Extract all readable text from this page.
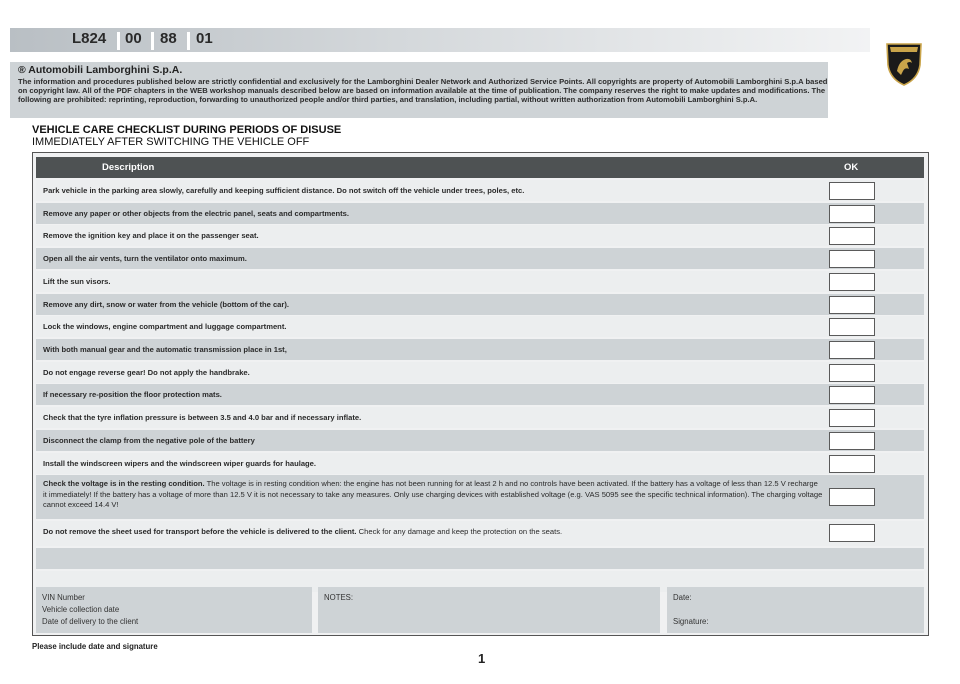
L824 00 88 01
® Automobili Lamborghini S.p.A.
The information and procedures published below are strictly confidential and exclusively for the Lamborghini Dealer Network and Authorized Service Points. All copyrights are property of Automobili Lamborghini S.p.A based on copyright law. All of the PDF chapters in the WEB workshop manuals described below are based on information available at the time of publication. The company reserves the right to make updates and modifications. The following are prohibited: reprinting, reproduction, forwarding to unauthorized people and/or third parties, and translation, including partial, without written authorization from Automobili Lamborghini S.p.A.
VEHICLE CARE CHECKLIST DURING PERIODS OF DISUSE
IMMEDIATELY AFTER SWITCHING THE VEHICLE OFF
Description	OK
Park vehicle in the parking area slowly, carefully and keeping sufficient distance. Do not switch off the vehicle under trees, poles, etc.
Remove any paper or other objects from the electric panel, seats and compartments.
Remove the ignition key and place it on the passenger seat.
Open all the air vents, turn the ventilator onto maximum.
Lift the sun visors.
Remove any dirt, snow or water from the vehicle (bottom of the car).
Lock the windows, engine compartment and luggage compartment.
With both manual gear and the automatic transmission place in 1st,
Do not engage reverse gear! Do not apply the handbrake.
If necessary re-position the floor protection mats.
Check that the tyre inflation pressure is between 3.5 and 4.0 bar and if necessary inflate.
Disconnect the clamp from the negative pole of the battery
Install the windscreen wipers and the windscreen wiper guards for haulage.
Check the voltage is in the resting condition. The voltage is in resting condition when: the engine has not been running for at least 2 h and no controls have been activated. If the battery has a voltage of less than 12.5 V recharge it immediately! If the battery has a voltage of more than 12.5 V it is not necessary to take any measures. Only use charging devices with established voltage (e.g. VAS 5095 see the specific technical information). The charging voltage cannot exceed 14.4 V!
Do not remove the sheet used for transport before the vehicle is delivered to the client. Check for any damage and keep the protection on the seats.
VIN Number
Vehicle collection date
Date of delivery to the client
NOTES:	Date:
Signature:
Please include date and signature
1
